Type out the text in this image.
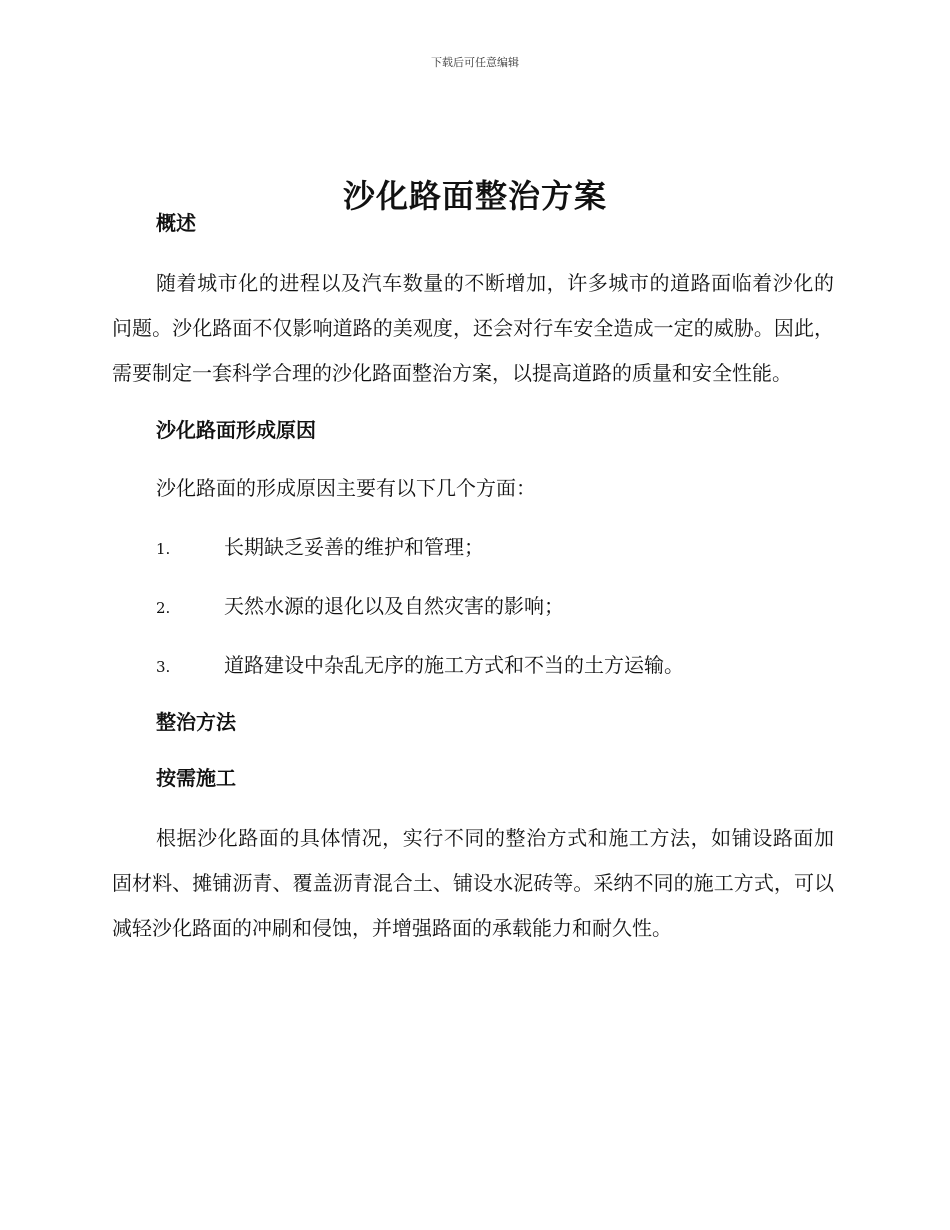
下载后可任意编辑
沙化路面整治方案

概述

随着城市化的进程以及汽车数量的不断增加，许多城市的道路面临着沙化的问题。沙化路面不仅影响道路的美观度，还会对行车安全造成一定的威胁。因此，需要制定一套科学合理的沙化路面整治方案，以提高道路的质量和安全性能。

沙化路面形成原因

沙化路面的形成原因主要有以下几个方面：

1.	长期缺乏妥善的维护和管理；
2.	天然水源的退化以及自然灾害的影响；
3.	道路建设中杂乱无序的施工方式和不当的土方运输。

整治方法

按需施工

根据沙化路面的具体情况，实行不同的整治方式和施工方法，如铺设路面加固材料、摊铺沥青、覆盖沥青混合土、铺设水泥砖等。采纳不同的施工方式，可以减轻沙化路面的冲刷和侵蚀，并增强路面的承载能力和耐久性。
